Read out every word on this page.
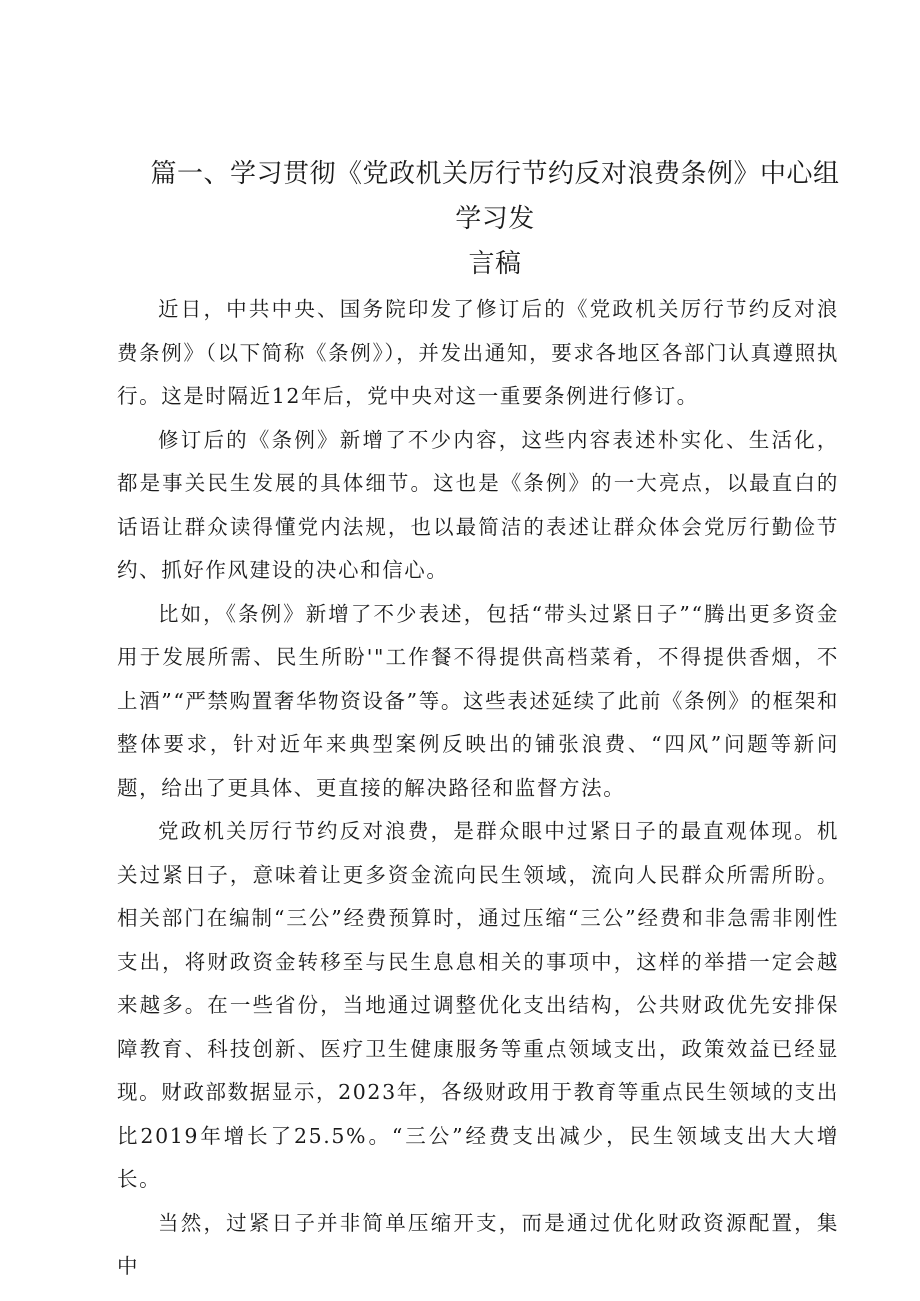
篇一、学习贯彻《党政机关厉行节约反对浪费条例》中心组学习发
言稿

近日，中共中央、国务院印发了修订后的《党政机关厉行节约反对浪费条例》（以下简称《条例》），并发出通知，要求各地区各部门认真遵照执行。这是时隔近12年后，党中央对这一重要条例进行修订。

修订后的《条例》新增了不少内容，这些内容表述朴实化、生活化，都是事关民生发展的具体细节。这也是《条例》的一大亮点，以最直白的话语让群众读得懂党内法规，也以最简洁的表述让群众体会党厉行勤俭节约、抓好作风建设的决心和信心。

比如，《条例》新增了不少表述，包括“带头过紧日子”“腾出更多资金用于发展所需、民生所盼'"工作餐不得提供高档菜肴，不得提供香烟，不上酒”“严禁购置奢华物资设备”等。这些表述延续了此前《条例》的框架和整体要求，针对近年来典型案例反映出的铺张浪费、“四风”问题等新问题，给出了更具体、更直接的解决路径和监督方法。

党政机关厉行节约反对浪费，是群众眼中过紧日子的最直观体现。机关过紧日子，意味着让更多资金流向民生领域，流向人民群众所需所盼。相关部门在编制“三公”经费预算时，通过压缩“三公”经费和非急需非刚性支出，将财政资金转移至与民生息息相关的事项中，这样的举措一定会越来越多。在一些省份，当地通过调整优化支出结构，公共财政优先安排保障教育、科技创新、医疗卫生健康服务等重点领域支出，政策效益已经显现。财政部数据显示，2023年，各级财政用于教育等重点民生领域的支出比2019年增长了25.5%。“三公”经费支出减少，民生领域支出大大增长。

当然，过紧日子并非简单压缩开支，而是通过优化财政资源配置，集中
